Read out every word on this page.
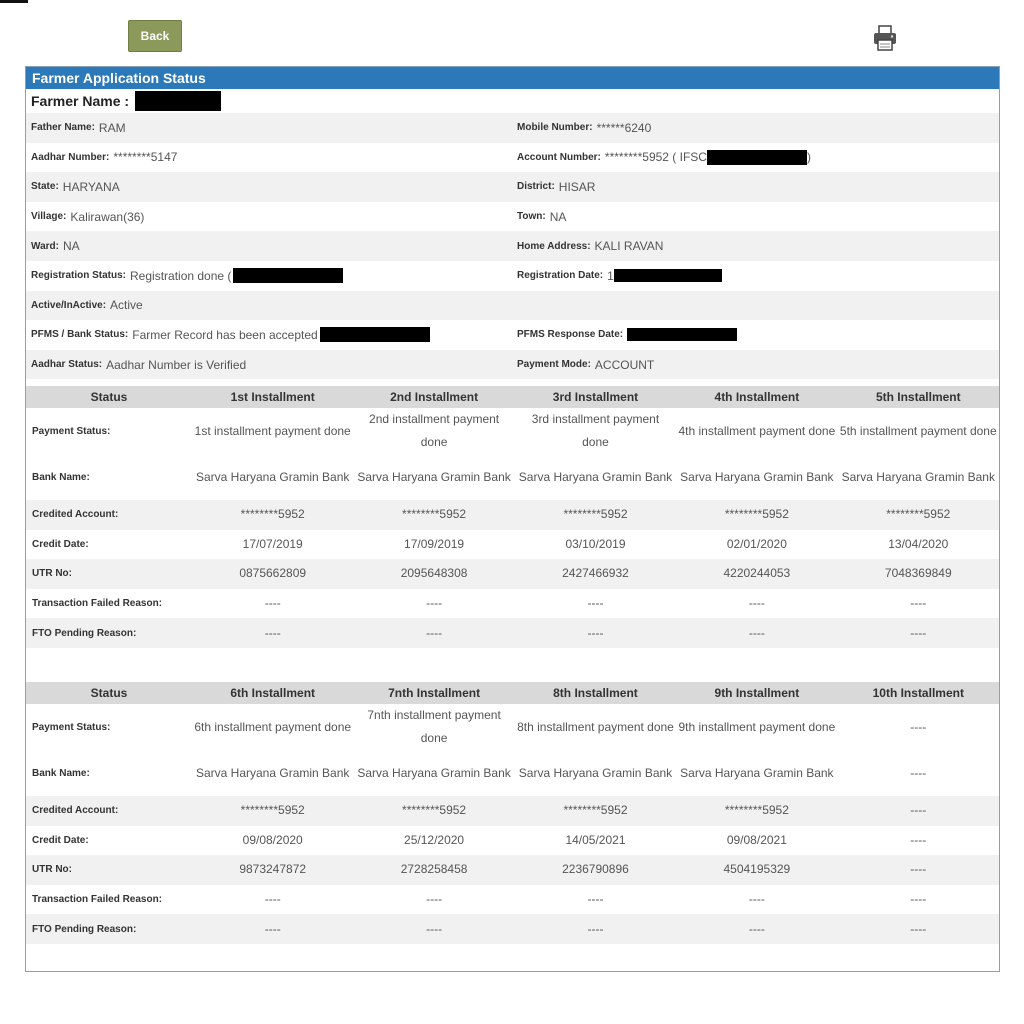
Back
Farmer Application Status
Farmer Name :
Father Name: RAM	Mobile Number: ******6240
Aadhar Number: ********5147	Account Number: ********5952 ( IFSC	)
State: HARYANA	District: HISAR
Village: Kalirawan(36)	Town: NA
Ward: NA	Home Address: KALI RAVAN
Registration Status: Registration done (	Registration Date: 1
Active/InActive: Active
PFMS / Bank Status: Farmer Record has been accepted	PFMS Response Date:
Aadhar Status: Aadhar Number is Verified	Payment Mode: ACCOUNT
Status	1st Installment	2nd Installment	3rd Installment	4th Installment	5th Installment
Payment Status:	1st installment payment done	2nd installment payment done	3rd installment payment done	4th installment payment done	5th installment payment done
Bank Name:	Sarva Haryana Gramin Bank	Sarva Haryana Gramin Bank	Sarva Haryana Gramin Bank	Sarva Haryana Gramin Bank	Sarva Haryana Gramin Bank
Credited Account:	********5952	********5952	********5952	********5952	********5952
Credit Date:	17/07/2019	17/09/2019	03/10/2019	02/01/2020	13/04/2020
UTR No:	0875662809	2095648308	2427466932	4220244053	7048369849
Transaction Failed Reason:	----	----	----	----	----
FTO Pending Reason:	----	----	----	----	----
Status	6th Installment	7nth Installment	8th Installment	9th Installment	10th Installment
Payment Status:	6th installment payment done	7nth installment payment done	8th installment payment done	9th installment payment done	----
Bank Name:	Sarva Haryana Gramin Bank	Sarva Haryana Gramin Bank	Sarva Haryana Gramin Bank	Sarva Haryana Gramin Bank	----
Credited Account:	********5952	********5952	********5952	********5952	----
Credit Date:	09/08/2020	25/12/2020	14/05/2021	09/08/2021	----
UTR No:	9873247872	2728258458	2236790896	4504195329	----
Transaction Failed Reason:	----	----	----	----	----
FTO Pending Reason:	----	----	----	----	----
